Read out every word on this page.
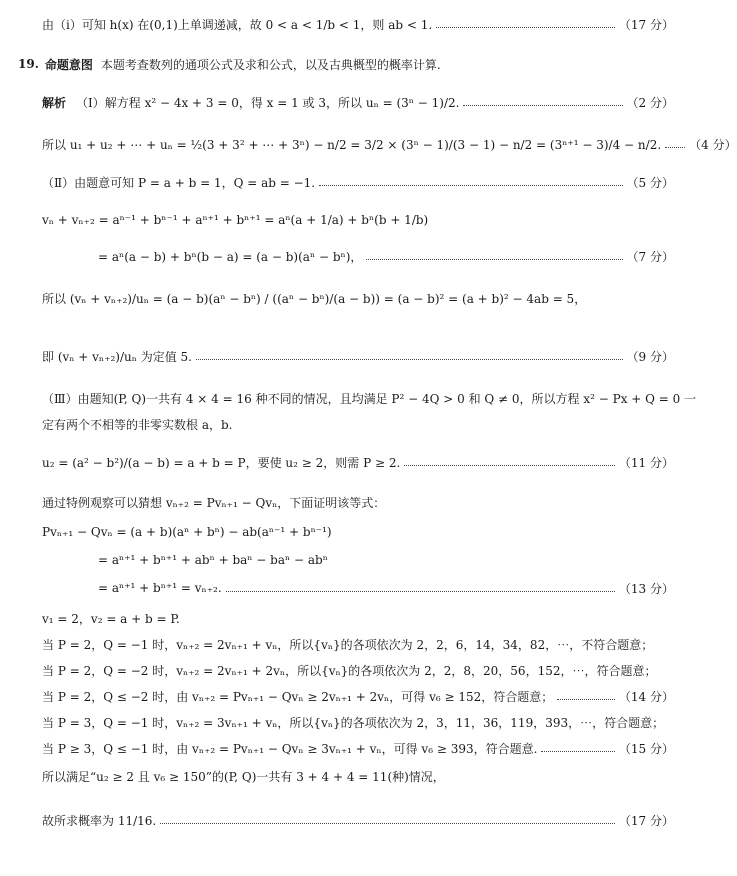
由（ⅰ）可知 h(x) 在(0,1)上单调递减，故 0 < a < 1/b < 1，则 ab < 1.	（17 分）
19. 命题意图 本题考查数列的通项公式及求和公式，以及古典概型的概率计算.
解析 （Ⅰ）解方程 x² − 4x + 3 = 0，得 x = 1 或 3，所以 uₙ = (3ⁿ − 1)/2.	（2 分）
所以 u₁ + u₂ + ⋯ + uₙ = ½(3 + 3² + ⋯ + 3ⁿ) − n/2 = 3/2 × (3ⁿ − 1)/(3 − 1) − n/2 = (3ⁿ⁺¹ − 3)/4 − n/2. （4 分）
（Ⅱ）由题意可知 P = a + b = 1，Q = ab = −1.	（5 分）
vₙ + vₙ₊₂ = aⁿ⁻¹ + bⁿ⁻¹ + aⁿ⁺¹ + bⁿ⁺¹ = aⁿ(a + 1/a) + bⁿ(b + 1/b)
= aⁿ(a − b) + bⁿ(b − a) = (a − b)(aⁿ − bⁿ)，	（7 分）
所以 (vₙ + vₙ₊₂)/uₙ = (a − b)(aⁿ − bⁿ) / ((aⁿ − bⁿ)/(a − b)) = (a − b)² = (a + b)² − 4ab = 5，
即 (vₙ + vₙ₊₂)/uₙ 为定值 5.	（9 分）
（Ⅲ）由题知(P, Q)一共有 4 × 4 = 16 种不同的情况，且均满足 P² − 4Q > 0 和 Q ≠ 0，所以方程 x² − Px + Q = 0 一
定有两个不相等的非零实数根 a，b.
u₂ = (a² − b²)/(a − b) = a + b = P，要使 u₂ ≥ 2，则需 P ≥ 2.	（11 分）
通过特例观察可以猜想 vₙ₊₂ = Pvₙ₊₁ − Qvₙ，下面证明该等式：
Pvₙ₊₁ − Qvₙ = (a + b)(aⁿ + bⁿ) − ab(aⁿ⁻¹ + bⁿ⁻¹)
= aⁿ⁺¹ + bⁿ⁺¹ + abⁿ + baⁿ − baⁿ − abⁿ
= aⁿ⁺¹ + bⁿ⁺¹ = vₙ₊₂.	（13 分）
v₁ = 2，v₂ = a + b = P.
当 P = 2，Q = −1 时，vₙ₊₂ = 2vₙ₊₁ + vₙ，所以{vₙ}的各项依次为 2，2，6，14，34，82，⋯，不符合题意；
当 P = 2，Q = −2 时，vₙ₊₂ = 2vₙ₊₁ + 2vₙ，所以{vₙ}的各项依次为 2，2，8，20，56，152，⋯，符合题意；
当 P = 2，Q ≤ −2 时，由 vₙ₊₂ = Pvₙ₊₁ − Qvₙ ≥ 2vₙ₊₁ + 2vₙ，可得 v₆ ≥ 152，符合题意；	（14 分）
当 P = 3，Q = −1 时，vₙ₊₂ = 3vₙ₊₁ + vₙ，所以{vₙ}的各项依次为 2，3，11，36，119，393，⋯，符合题意；
当 P ≥ 3，Q ≤ −1 时，由 vₙ₊₂ = Pvₙ₊₁ − Qvₙ ≥ 3vₙ₊₁ + vₙ，可得 v₆ ≥ 393，符合题意.	（15 分）
所以满足“u₂ ≥ 2 且 v₆ ≥ 150”的(P, Q)一共有 3 + 4 + 4 = 11(种)情况，
故所求概率为 11/16.	（17 分）
